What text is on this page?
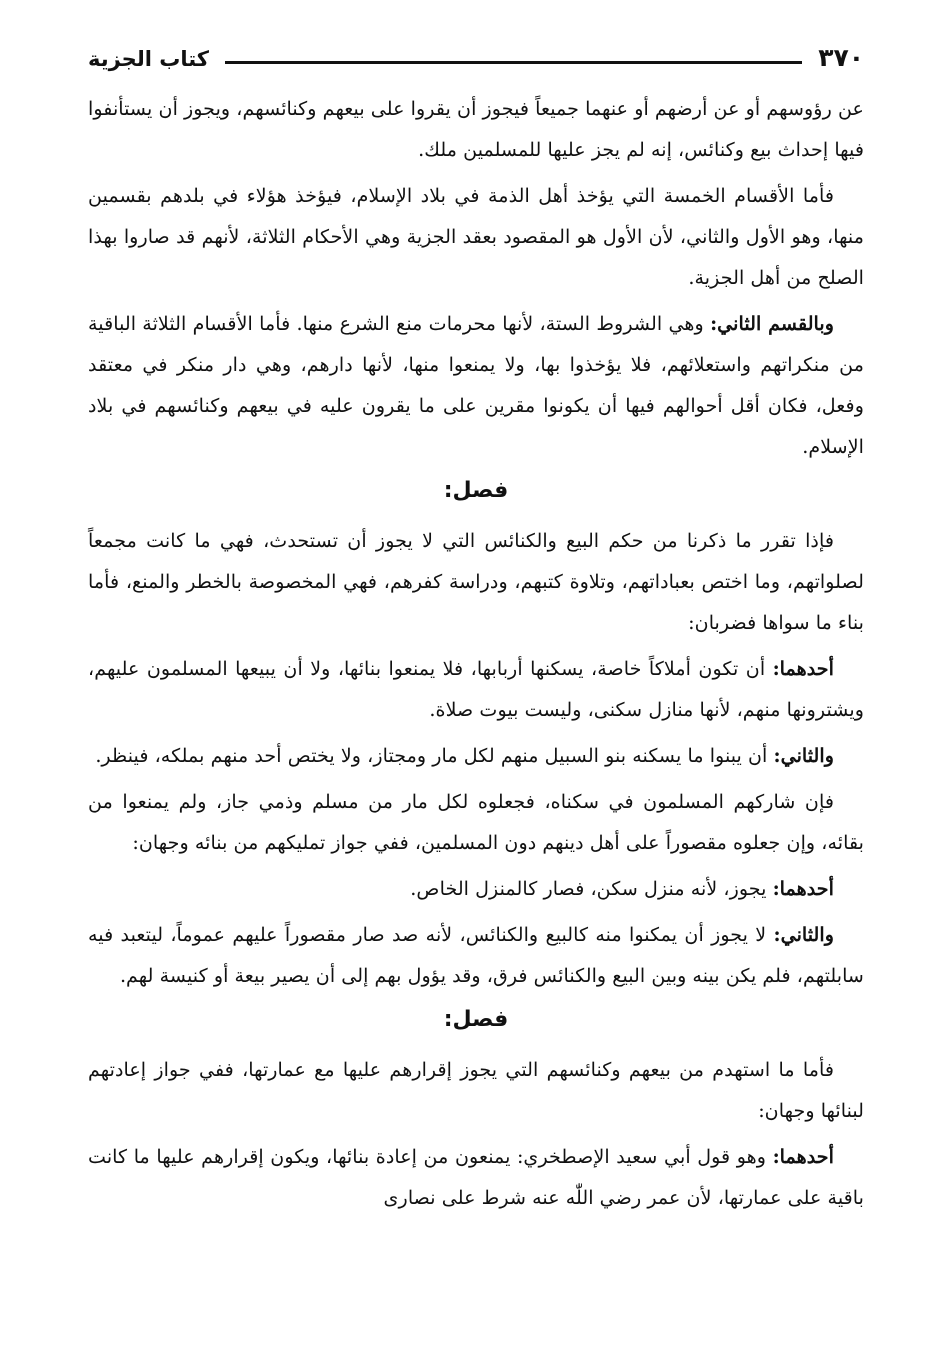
٣٧٠
كتاب الجزية

عن رؤوسهم أو عن أرضهم أو عنهما جميعاً فيجوز أن يقروا على بيعهم وكنائسهم، ويجوز أن يستأنفوا فيها إحداث بيع وكنائس، إنه لم يجز عليها للمسلمين ملك.

فأما الأقسام الخمسة التي يؤخذ أهل الذمة في بلاد الإسلام، فيؤخذ هؤلاء في بلدهم بقسمين منها، وهو الأول والثاني، لأن الأول هو المقصود بعقد الجزية وهي الأحكام الثلاثة، لأنهم قد صاروا بهذا الصلح من أهل الجزية.

وبالقسم الثاني: وهي الشروط الستة، لأنها محرمات منع الشرع منها. فأما الأقسام الثلاثة الباقية من منكراتهم واستعلائهم، فلا يؤخذوا بها، ولا يمنعوا منها، لأنها دارهم، وهي دار منكر في معتقد وفعل، فكان أقل أحوالهم فيها أن يكونوا مقرين على ما يقرون عليه في بيعهم وكنائسهم في بلاد الإسلام.

فصل:

فإذا تقرر ما ذكرنا من حكم البيع والكنائس التي لا يجوز أن تستحدث، فهي ما كانت مجمعاً لصلواتهم، وما اختص بعباداتهم، وتلاوة كتبهم، ودراسة كفرهم، فهي المخصوصة بالخطر والمنع، فأما بناء ما سواها فضربان:

أحدهما: أن تكون أملاكاً خاصة، يسكنها أربابها، فلا يمنعوا بنائها، ولا أن يبيعها المسلمون عليهم، ويشترونها منهم، لأنها منازل سكنى، وليست بيوت صلاة.

والثاني: أن يبنوا ما يسكنه بنو السبيل منهم لكل مار ومجتاز، ولا يختص أحد منهم بملكه، فينظر.

فإن شاركهم المسلمون في سكناه، فجعلوه لكل مار من مسلم وذمي جاز، ولم يمنعوا من بقائه، وإن جعلوه مقصوراً على أهل دينهم دون المسلمين، ففي جواز تمليكهم من بنائه وجهان:

أحدهما: يجوز، لأنه منزل سكن، فصار كالمنزل الخاص.

والثاني: لا يجوز أن يمكنوا منه كالبيع والكنائس، لأنه صد صار مقصوراً عليهم عموماً، ليتعبد فيه سابلتهم، فلم يكن بينه وبين البيع والكنائس فرق، وقد يؤول بهم إلى أن يصير بيعة أو كنيسة لهم.

فصل:

فأما ما استهدم من بيعهم وكنائسهم التي يجوز إقرارهم عليها مع عمارتها، ففي جواز إعادتهم لبنائها وجهان:

أحدهما: وهو قول أبي سعيد الإصطخري: يمنعون من إعادة بنائها، ويكون إقرارهم عليها ما كانت باقية على عمارتها، لأن عمر رضي اللّٰه عنه شرط على نصارى
